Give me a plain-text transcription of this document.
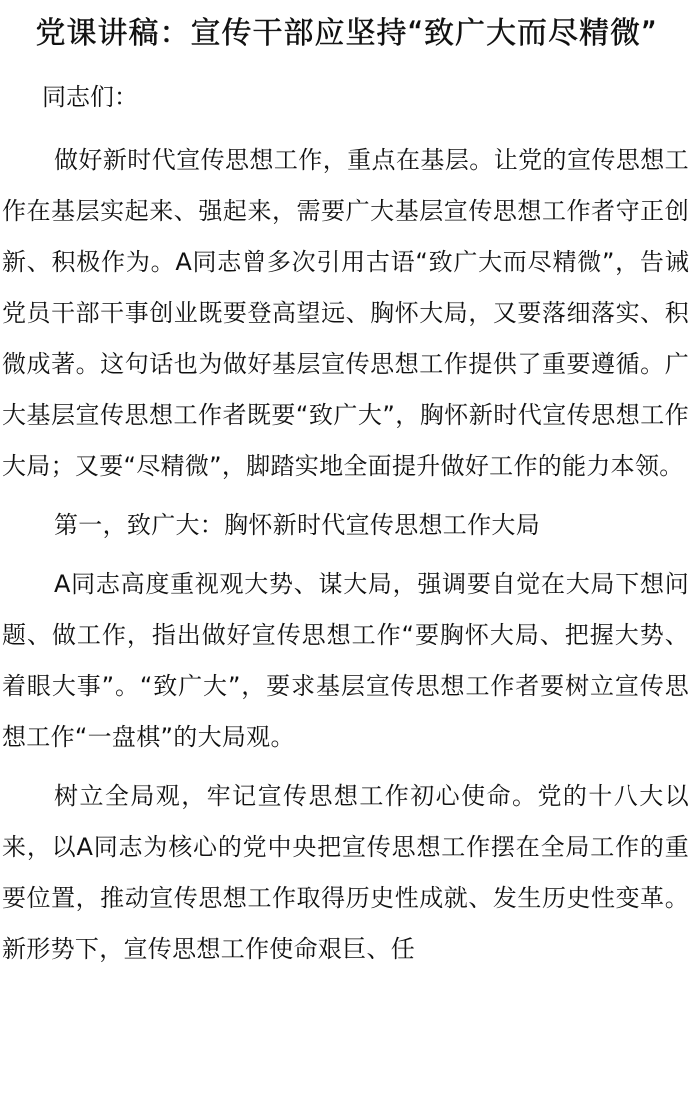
党课讲稿：宣传干部应坚持“致广大而尽精微”

同志们：

做好新时代宣传思想工作，重点在基层。让党的宣传思想工作在基层实起来、强起来，需要广大基层宣传思想工作者守正创新、积极作为。A同志曾多次引用古语“致广大而尽精微”，告诫党员干部干事创业既要登高望远、胸怀大局，又要落细落实、积微成著。这句话也为做好基层宣传思想工作提供了重要遵循。广大基层宣传思想工作者既要“致广大”，胸怀新时代宣传思想工作大局；又要“尽精微”，脚踏实地全面提升做好工作的能力本领。

第一，致广大：胸怀新时代宣传思想工作大局

A同志高度重视观大势、谋大局，强调要自觉在大局下想问题、做工作，指出做好宣传思想工作“要胸怀大局、把握大势、着眼大事”。“致广大”，要求基层宣传思想工作者要树立宣传思想工作“一盘棋”的大局观。

树立全局观，牢记宣传思想工作初心使命。党的十八大以来，以A同志为核心的党中央把宣传思想工作摆在全局工作的重要位置，推动宣传思想工作取得历史性成就、发生历史性变革。新形势下，宣传思想工作使命艰巨、任
